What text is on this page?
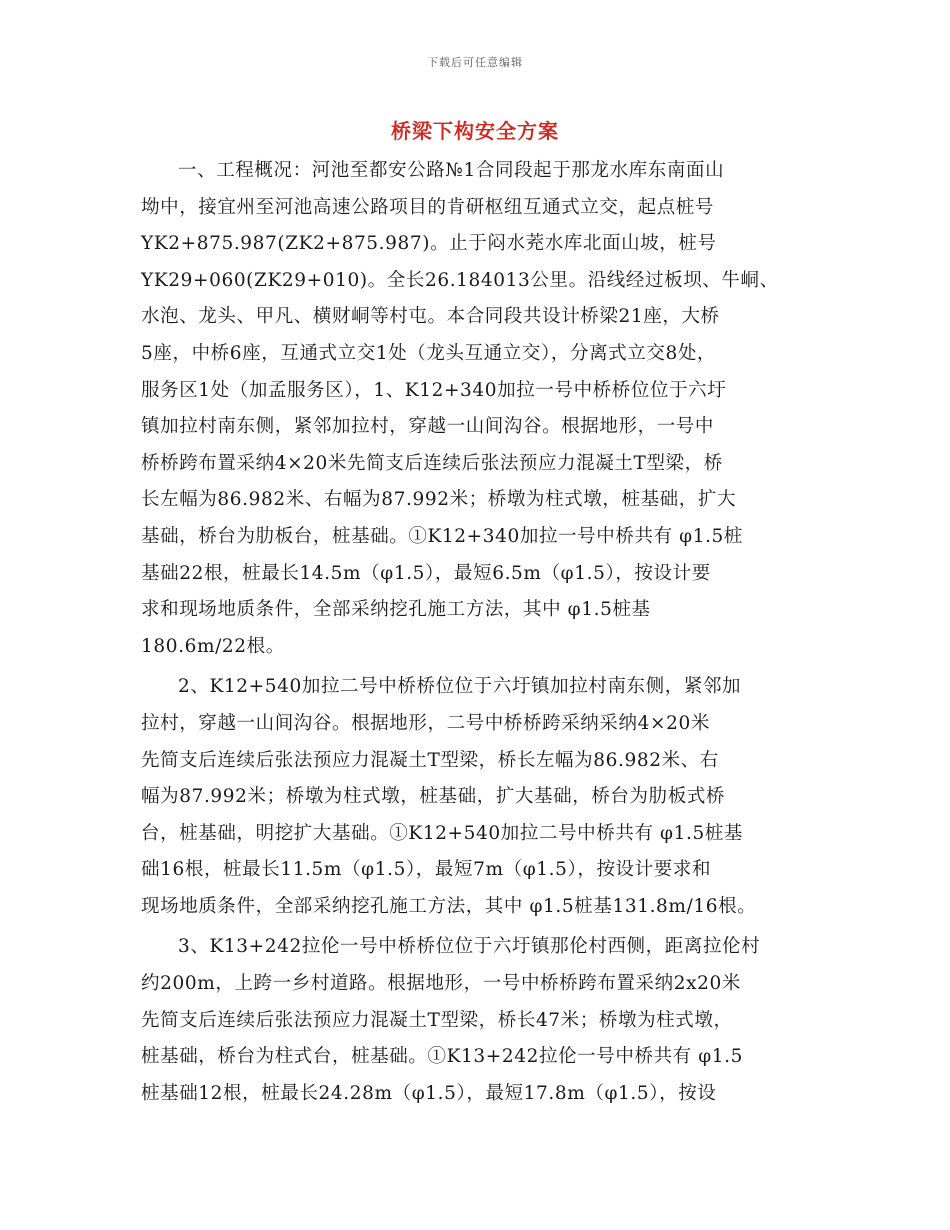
下载后可任意编辑
桥梁下构安全方案
一、工程概况：河池至都安公路№1合同段起于那龙水库东南面山
坳中，接宜州至河池高速公路项目的肯研枢纽互通式立交，起点桩号
YK2+875.987(ZK2+875.987)。止于闷水茺水库北面山坡，桩号
YK29+060(ZK29+010)。全长26.184013公里。沿线经过板坝、牛峒、
水泡、龙头、甲凡、横财峒等村屯。本合同段共设计桥梁21座，大桥
5座，中桥6座，互通式立交1处（龙头互通立交），分离式立交8处，
服务区1处（加孟服务区），1、K12+340加拉一号中桥桥位位于六圩
镇加拉村南东侧，紧邻加拉村，穿越一山间沟谷。根据地形，一号中
桥桥跨布置采纳4×20米先简支后连续后张法预应力混凝土T型梁，桥
长左幅为86.982米、右幅为87.992米；桥墩为柱式墩，桩基础，扩大
基础，桥台为肋板台，桩基础。①K12+340加拉一号中桥共有 φ1.5桩
基础22根，桩最长14.5m（φ1.5），最短6.5m（φ1.5），按设计要
求和现场地质条件，全部采纳挖孔施工方法，其中 φ1.5桩基
180.6m/22根。
2、K12+540加拉二号中桥桥位位于六圩镇加拉村南东侧，紧邻加
拉村，穿越一山间沟谷。根据地形，二号中桥桥跨采纳采纳4×20米
先简支后连续后张法预应力混凝土T型梁，桥长左幅为86.982米、右
幅为87.992米；桥墩为柱式墩，桩基础，扩大基础，桥台为肋板式桥
台，桩基础，明挖扩大基础。①K12+540加拉二号中桥共有 φ1.5桩基
础16根，桩最长11.5m（φ1.5），最短7m（φ1.5），按设计要求和
现场地质条件，全部采纳挖孔施工方法，其中 φ1.5桩基131.8m/16根。
3、K13+242拉伦一号中桥桥位位于六圩镇那伦村西侧，距离拉伦村
约200m，上跨一乡村道路。根据地形，一号中桥桥跨布置采纳2x20米
先简支后连续后张法预应力混凝土T型梁，桥长47米；桥墩为柱式墩，
桩基础，桥台为柱式台，桩基础。①K13+242拉伦一号中桥共有 φ1.5
桩基础12根，桩最长24.28m（φ1.5），最短17.8m（φ1.5），按设
